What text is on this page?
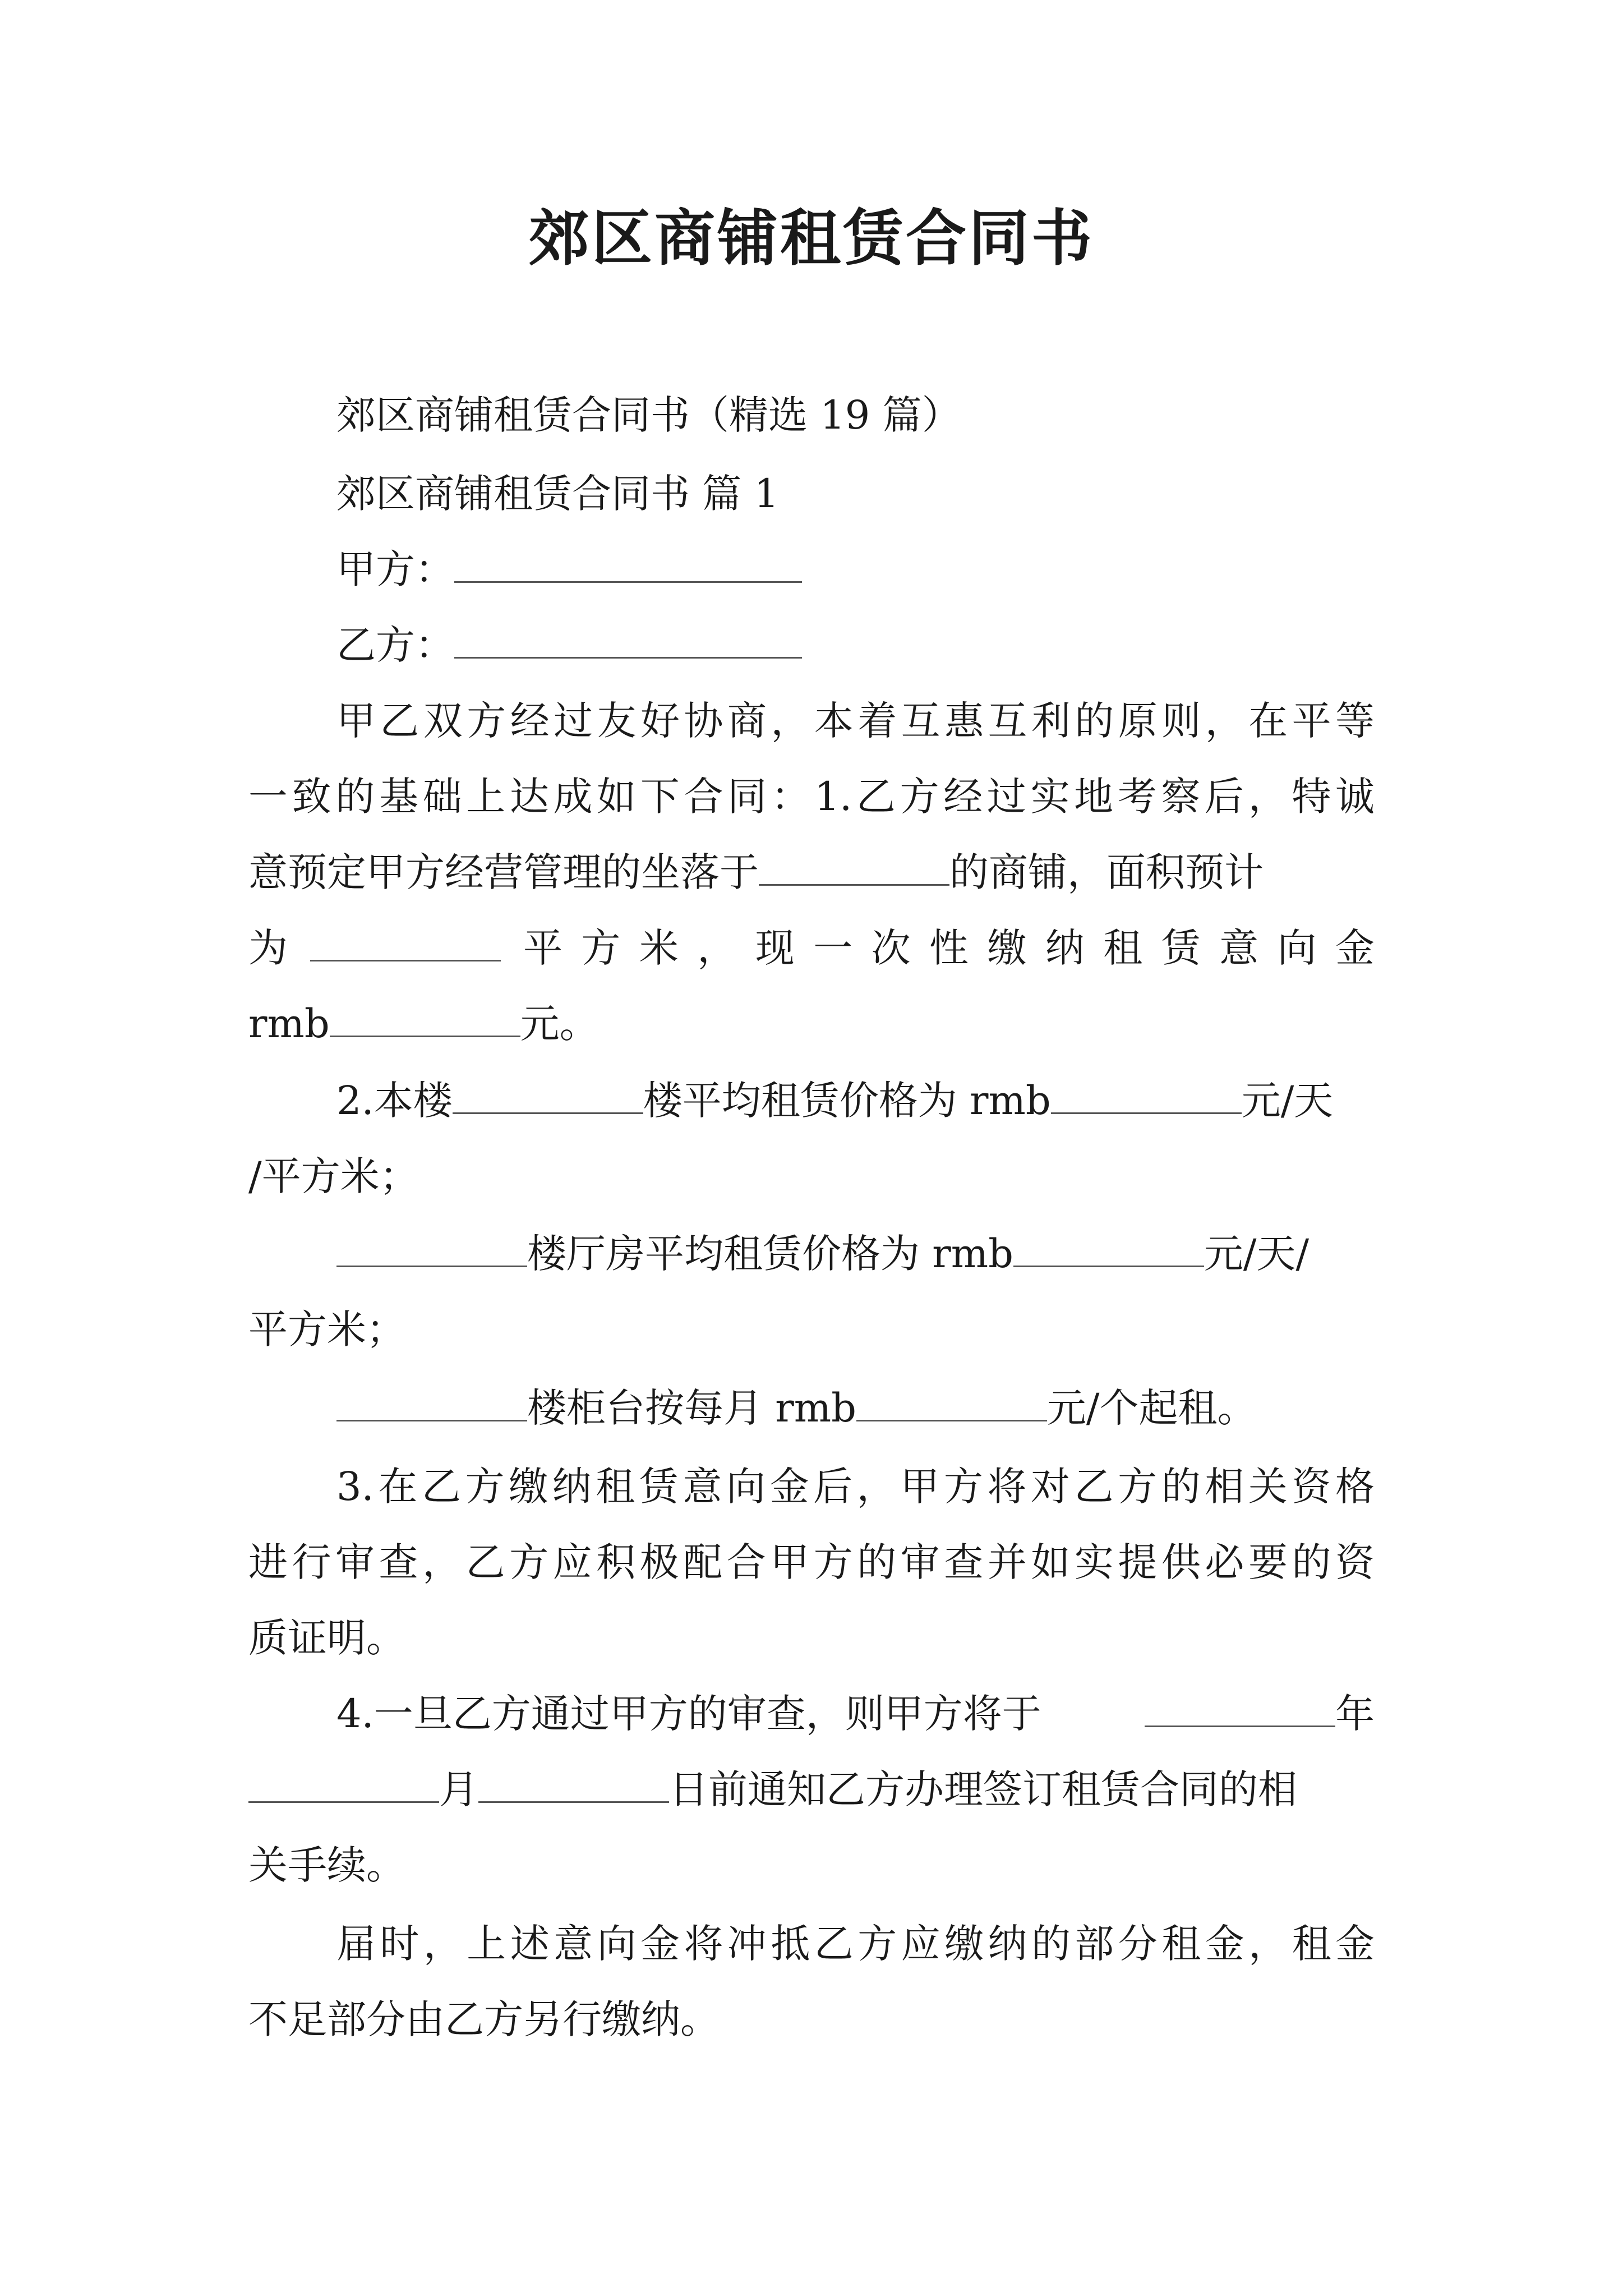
郊区商铺租赁合同书
郊区商铺租赁合同书（精选 19 篇）
郊区商铺租赁合同书 篇 1
甲方：
乙方：
甲乙双方经过友好协商，本着互惠互利的原则，在平等
一致的基础上达成如下合同：1.乙方经过实地考察后，特诚
意预定甲方经营管理的坐落于	的商铺，面积预计
为	平 方 米 ， 现 一 次 性 缴 纳 租 赁 意 向 金
rmb	元。
2.本楼	楼平均租赁价格为 rmb	元/天
/平方米；
楼厅房平均租赁价格为 rmb	元/天/
平方米；
楼柜台按每月 rmb	元/个起租。
3.在乙方缴纳租赁意向金后，甲方将对乙方的相关资格
进行审查，乙方应积极配合甲方的审查并如实提供必要的资
质证明。
4.一旦乙方通过甲方的审查，则甲方将于	年
月	日前通知乙方办理签订租赁合同的相
关手续。
届时，上述意向金将冲抵乙方应缴纳的部分租金，租金
不足部分由乙方另行缴纳。
